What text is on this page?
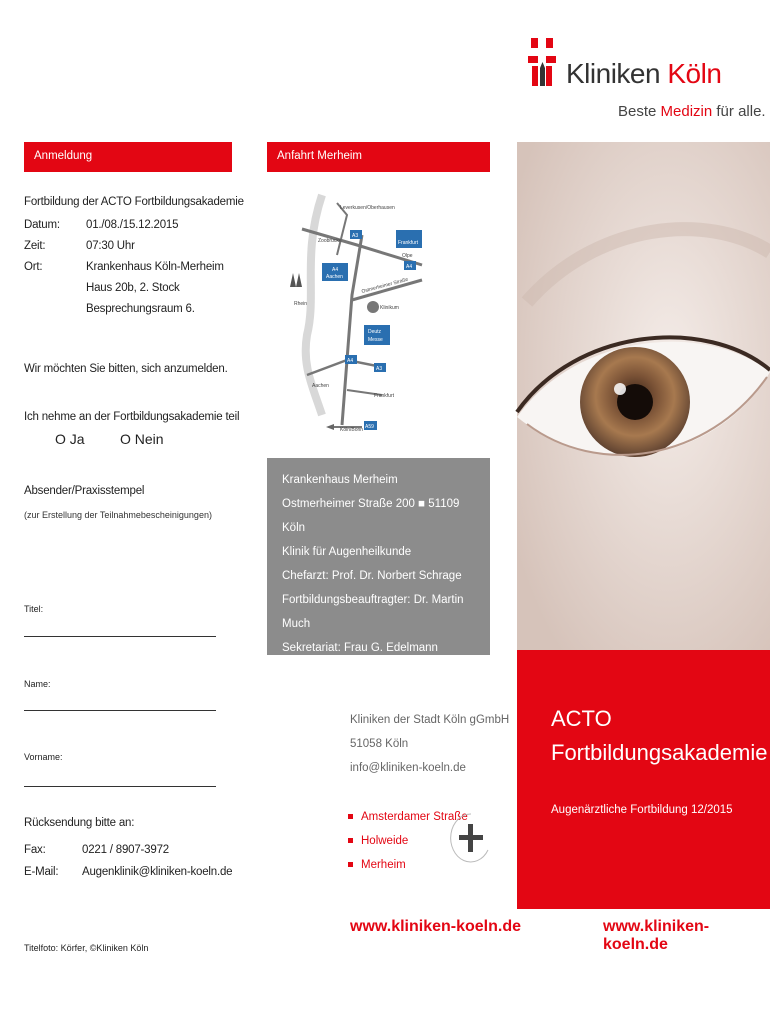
Kliniken Köln
Beste Medizin für alle.
Anmeldung
Fortbildung der ACTO Fortbildungsakademie
Datum:	01./08./15.12.2015
Zeit:	07:30 Uhr
Ort:	Krankenhaus Köln-Merheim
Haus 20b, 2. Stock
Besprechungsraum 6.
Wir möchten Sie bitten, sich anzumelden.
Ich nehme an der Fortbildungsakademie teil
O Ja	O Nein
Absender/Praxisstempel
(zur Erstellung der Teilnahmebescheinigungen)
Titel:
Name:
Vorname:
Rücksendung bitte an:
Fax:	0221 / 8907-3972
E-Mail:	Augenklinik@kliniken-koeln.de
Titelfoto: Körfer, ©Kliniken Köln
Anfahrt Merheim
Leverkusen/Oberhausen
Zoobrücke
A3
Frankfurt
A4
Aachen
A4
Olpe
Rhein
Ostmerheimer Straße
Klinikum
Deutz
Messe
A4
A3
Aachen
Frankfurt
Köln/Bonn A59
Krankenhaus Merheim
Ostmerheimer Straße 200 ■ 51109 Köln
Klinik für Augenheilkunde
Chefarzt: Prof. Dr. Norbert Schrage
Fortbildungsbeauftragter: Dr. Martin Much
Sekretariat: Frau G. Edelmann
Tel.: (0221) 8907-3812, Fax: (0221) 8907-3972
Kliniken der Stadt Köln gGmbH
51058 Köln
info@kliniken-koeln.de
Amsterdamer Straße
Holweide
Merheim
www.kliniken-koeln.de
ACTO
Fortbildungsakademie
Augenärztliche Fortbildung 12/2015
www.kliniken-koeln.de
